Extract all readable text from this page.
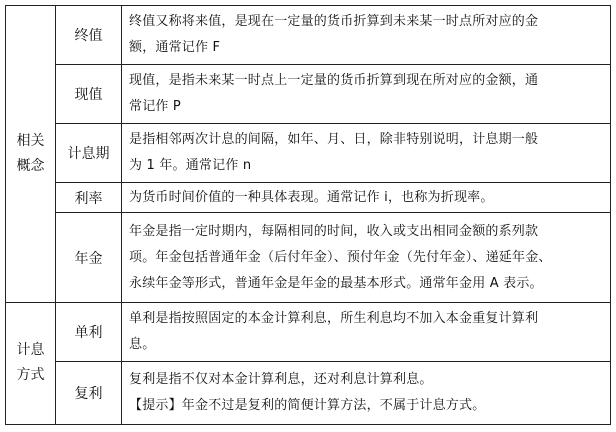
相关
概念	终值	终值又称将来值，是现在一定量的货币折算到未来某一时点所对应的金
额，通常记作 F

	现值	现值，是指未来某一时点上一定量的货币折算到现在所对应的金额，通
常记作 P

	计息期	是指相邻两次计息的间隔，如年、月、日，除非特别说明，计息期一般
为 1 年。通常记作 n

	利率	为货币时间价值的一种具体表现。通常记作 i，也称为折现率。

	年金	年金是指一定时期内，每隔相同的时间，收入或支出相同金额的系列款
项。年金包括普通年金（后付年金）、预付年金（先付年金）、递延年金、
永续年金等形式，普通年金是年金的最基本形式。通常年金用 A 表示。

计息
方式	单利	单利是指按照固定的本金计算利息，所生利息均不加入本金重复计算利
息。

	复利	复利是指不仅对本金计算利息，还对利息计算利息。
【提示】年金不过是复利的简便计算方法，不属于计息方式。
